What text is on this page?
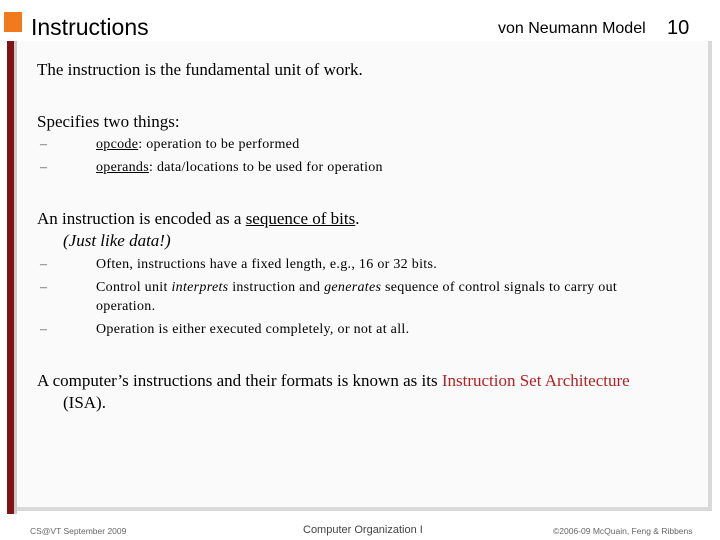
Instructions	von Neumann Model 10
The instruction is the fundamental unit of work.
Specifies two things:
–	opcode: operation to be performed
–	operands: data/locations to be used for operation
An instruction is encoded as a sequence of bits.
(Just like data!)
–	Often, instructions have a fixed length, e.g., 16 or 32 bits.
–	Control unit interprets instruction and generates sequence of control signals to carry out
operation.
–	Operation is either executed completely, or not at all.
A computer’s instructions and their formats is known as its Instruction Set Architecture
(ISA).
CS@VT September 2009	Computer Organization I	©2006-09 McQuain, Feng & Ribbens
